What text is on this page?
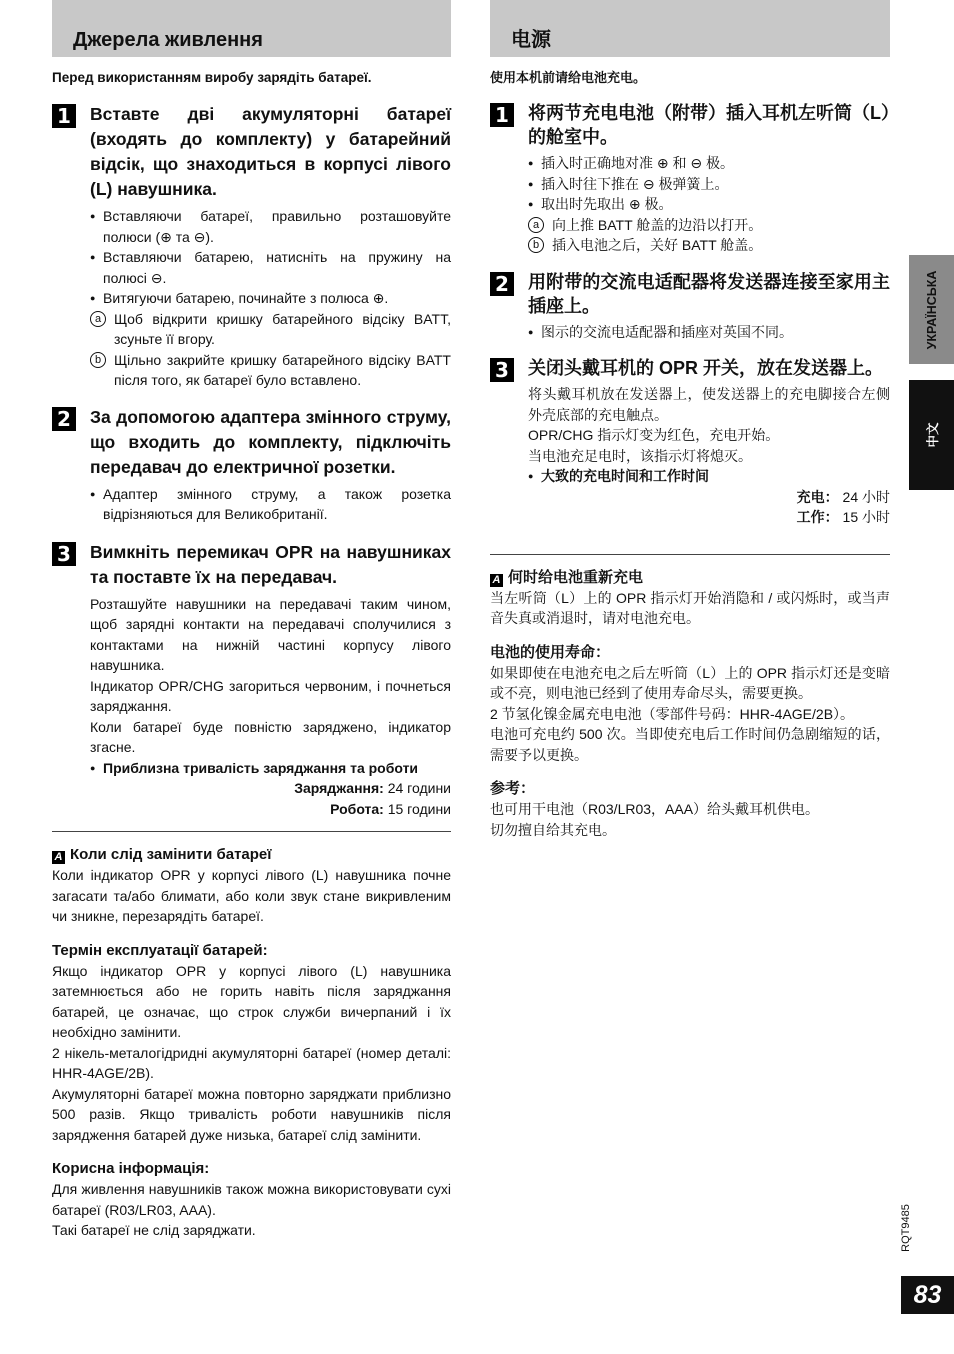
Джерела живлення
Перед використанням виробу зарядіть батареї.
1 Вставте дві акумуляторні батареї (входять до комплекту) у батарейний відсік, що знаходиться в корпусі лівого (L) навушника.
● Вставляючи батареї, правильно розташовуйте полюси (⊕ та ⊖).
● Вставляючи батарею, натисніть на пружину на полюсі ⊖.
● Витягуючи батарею, починайте з полюса ⊕.
a Щоб відкрити кришку батарейного відсіку BATT, зсуньте її вгору.
b Щільно закрийте кришку батарейного відсіку BATT після того, як батареї було вставлено.
2 За допомогою адаптера змінного струму, що входить до комплекту, підключіть передавач до електричної розетки.
● Адаптер змінного струму, а також розетка відрізняються для Великобританії.
3 Вимкніть перемикач OPR на навушниках та поставте їх на передавач.
Розташуйте навушники на передавачі таким чином, щоб зарядні контакти на передавачі сполучилися з контактами на нижній частині корпусу лівого навушника.
Індикатор OPR/CHG загориться червоним, і почнеться заряджання.
Коли батареї буде повністю заряджено, індикатор згасне.
● Приблизна тривалість заряджання та роботи
Заряджання: 24 години
Робота: 15 години
A Коли слід замінити батареї
Коли індикатор OPR у корпусі лівого (L) навушника почне загасати та/або блимати, або коли звук стане викривленим чи зникне, перезарядіть батареї.
Термін експлуатації батарей:
Якщо індикатор OPR у корпусі лівого (L) навушника затемнюється або не горить навіть після заряджання батарей, це означає, що строк служби вичерпаний і їх необхідно замінити.
2 нікель-металогідридні акумуляторні батареї (номер деталі: HHR-4AGE/2B).
Акумуляторні батареї можна повторно заряджати приблизно 500 разів. Якщо тривалість роботи навушників після зарядження батарей дуже низька, батареї слід замінити.
Корисна інформація:
Для живлення навушників також можна використовувати сухі батареї (R03/LR03, AAA).
Такі батареї не слід заряджати.
电源
使用本机前请给电池充电。
1 将两节充电电池（附带）插入耳机左听筒（L）的舱室中。
● 插入时正确地对准 ⊕ 和 ⊖ 极。
● 插入时往下推在 ⊖ 极弹簧上。
● 取出时先取出 ⊕ 极。
a 向上推 BATT 舱盖的边沿以打开。
b 插入电池之后，关好 BATT 舱盖。
2 用附带的交流电适配器将发送器连接至家用主插座上。
● 图示的交流电适配器和插座对英国不同。
3 关闭头戴耳机的 OPR 开关，放在发送器上。
将头戴耳机放在发送器上，使发送器上的充电脚接合左侧外壳底部的充电触点。
OPR/CHG 指示灯变为红色，充电开始。
当电池充足电时，该指示灯将熄灭。
● 大致的充电时间和工作时间
充电： 24 小时
工作： 15 小时
A 何时给电池重新充电
当左听筒（L）上的 OPR 指示灯开始消隐和 / 或闪烁时，或当声音失真或消退时，请对电池充电。
电池的使用寿命：
如果即使在电池充电之后左听筒（L）上的 OPR 指示灯还是变暗或不亮，则电池已经到了使用寿命尽头，需要更换。
2 节氢化镍金属充电电池（零部件号码：HHR-4AGE/2B）。
电池可充电约 500 次。当即使充电后工作时间仍急剧缩短的话，需要予以更换。
参考：
也可用干电池（R03/LR03，AAA）给头戴耳机供电。
切勿擅自给其充电。
УКРАЇНСЬКА
中文
RQT9485
83
